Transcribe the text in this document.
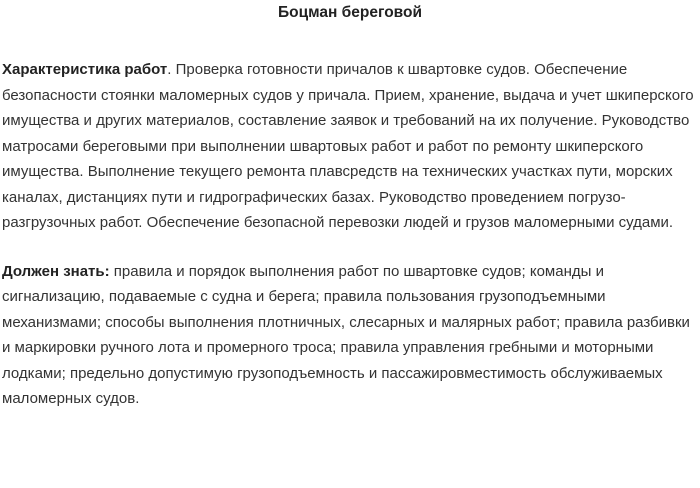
Боцман береговой

Характеристика работ. Проверка готовности причалов к швартовке судов. Обеспечение безопасности стоянки маломерных судов у причала. Прием, хранение, выдача и учет шкиперского имущества и других материалов, составление заявок и требований на их получение. Руководство матросами береговыми при выполнении швартовых работ и работ по ремонту шкиперского имущества. Выполнение текущего ремонта плавсредств на технических участках пути, морских каналах, дистанциях пути и гидрографических базах. Руководство проведением погрузо-разгрузочных работ. Обеспечение безопасной перевозки людей и грузов маломерными судами.

Должен знать: правила и порядок выполнения работ по швартовке судов; команды и сигнализацию, подаваемые с судна и берега; правила пользования грузоподъемными механизмами; способы выполнения плотничных, слесарных и малярных работ; правила разбивки и маркировки ручного лота и промерного троса; правила управления гребными и моторными лодками; предельно допустимую грузоподъемность и пассажировместимость обслуживаемых маломерных судов.
